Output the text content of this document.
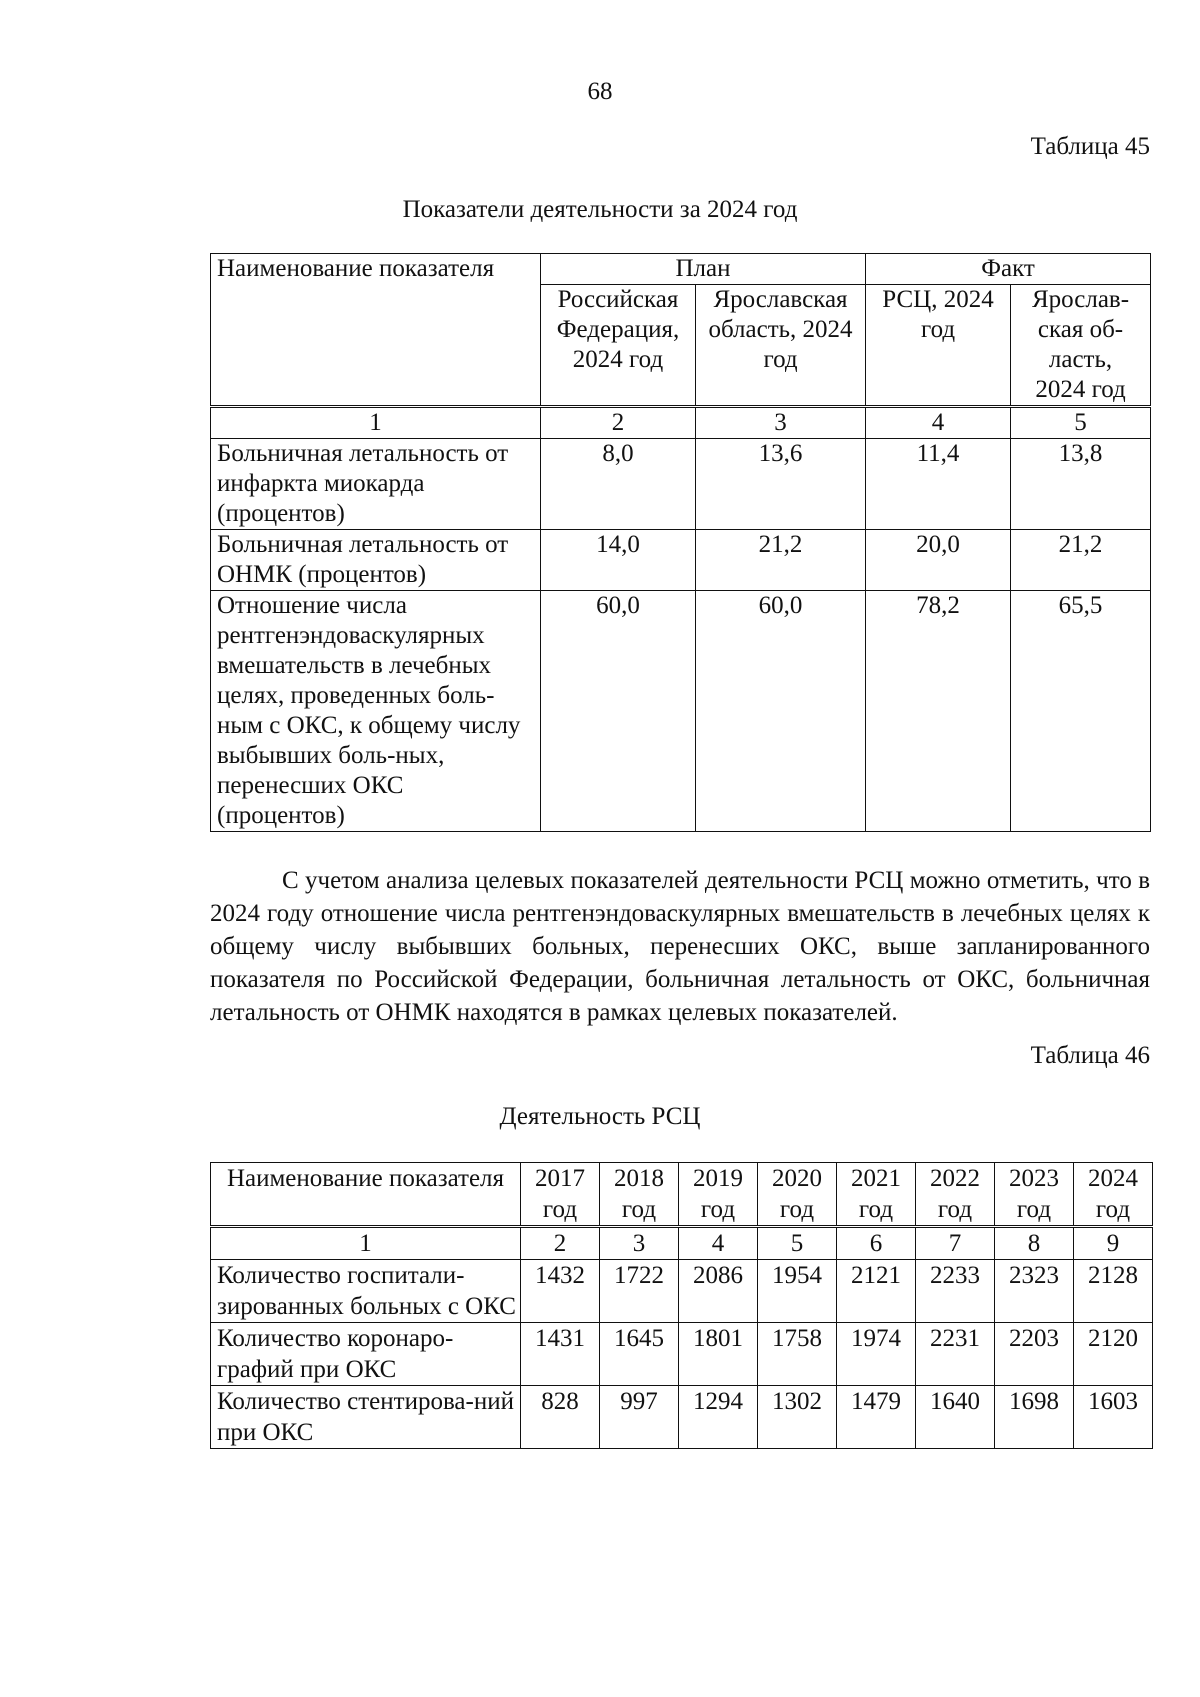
68
Таблица 45
Показатели деятельности за 2024 год
Наименование показателя	План		Факт	
	Российская Федерация, 2024 год	Ярославская область, 2024 год	РСЦ, 2024 год	Ярослав-ская об-ласть, 2024 год
1	2	3	4	5
Больничная летальность от инфаркта миокарда (процентов)	8,0	13,6	11,4	13,8
Больничная летальность от ОНМК (процентов)	14,0	21,2	20,0	21,2
Отношение числа рентгенэндоваскулярных вмешательств в лечебных целях, проведенных боль-ным с ОКС, к общему числу выбывших боль-ных, перенесших ОКС (процентов)	60,0	60,0	78,2	65,5
С учетом анализа целевых показателей деятельности РСЦ можно отметить, что в 2024 году отношение числа рентгенэндоваскулярных вмешательств в лечебных целях к общему числу выбывших больных, перенесших ОКС, выше запланированного показателя по Российской Федерации, больничная летальность от ОКС, больничная летальность от ОНМК находятся в рамках целевых показателей.
Таблица 46
Деятельность РСЦ
Наименование показателя	2017 год	2018 год	2019 год	2020 год	2021 год	2022 год	2023 год	2024 год
1	2	3	4	5	6	7	8	9
Количество госпитали-зированных больных с ОКС	1432	1722	2086	1954	2121	2233	2323	2128
Количество коронаро-графий при ОКС	1431	1645	1801	1758	1974	2231	2203	2120
Количество стентирова-ний при ОКС	828	997	1294	1302	1479	1640	1698	1603
